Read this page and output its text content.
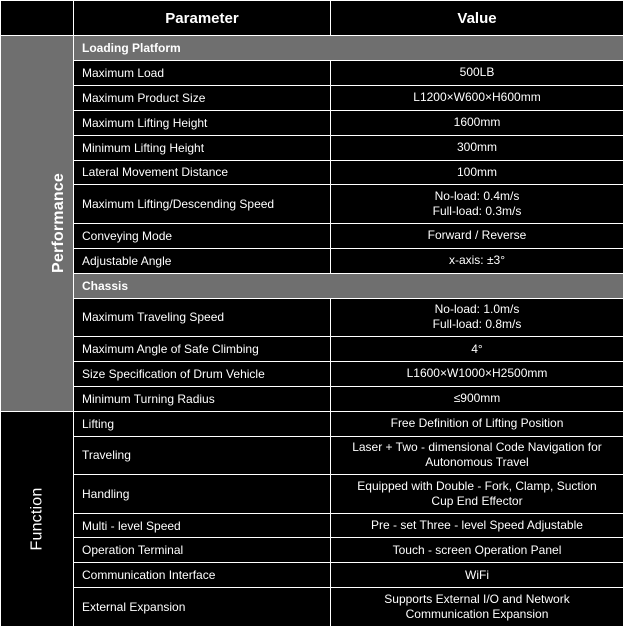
	Parameter	Value
Performance	Loading Platform	
	Maximum Load	500LB

	Maximum Product Size	L1200×W600×H600mm

	Maximum Lifting Height	1600mm

	Minimum Lifting Height	300mm

	Lateral Movement Distance	100mm

	Maximum Lifting/Descending Speed	No-load: 0.4m/s
Full-load: 0.3m/s

	Conveying Mode	Forward / Reverse

	Adjustable Angle	x-axis: ±3°

	Chassis	
	Maximum Traveling Speed	No-load: 1.0m/s
Full-load: 0.8m/s

	Maximum Angle of Safe Climbing	4°

	Size Specification of Drum Vehicle	L1600×W1000×H2500mm

	Minimum Turning Radius	≤900mm

Function	Lifting	Free Definition of Lifting Position

	Traveling	Laser + Two - dimensional Code Navigation for
Autonomous Travel

	Handling	Equipped with Double - Fork, Clamp, Suction
Cup End Effector

	Multi - level Speed	Pre - set Three - level Speed Adjustable

	Operation Terminal	Touch - screen Operation Panel

	Communication Interface	WiFi

	External Expansion	Supports External I/O and Network
Communication Expansion
